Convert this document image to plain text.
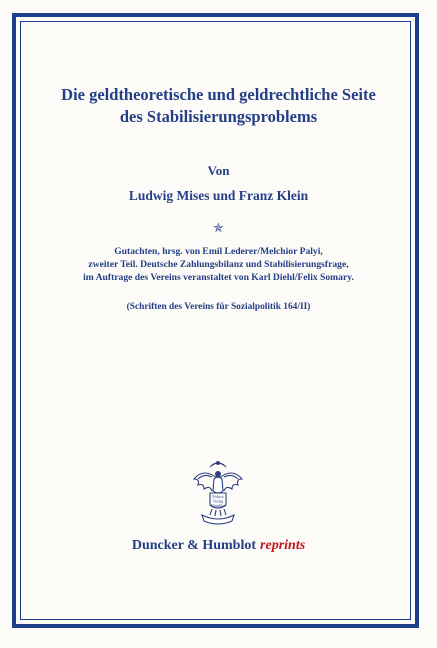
Die geldtheoretische und geldrechtliche Seite
des Stabilisierungsproblems
Von
Ludwig Mises und Franz Klein
✯
Gutachten, hrsg. von Emil Lederer/Melchior Palyi,
zweiter Teil. Deutsche Zahlungsbilanz und Stabilisierungsfrage,
im Auftrage des Vereins veranstaltet von Karl Diehl/Felix Somary.
(Schriften des Vereins für Sozialpolitik 164/II)
Fiducit
Verlag
Humblot
Duncker & Humblot reprints
